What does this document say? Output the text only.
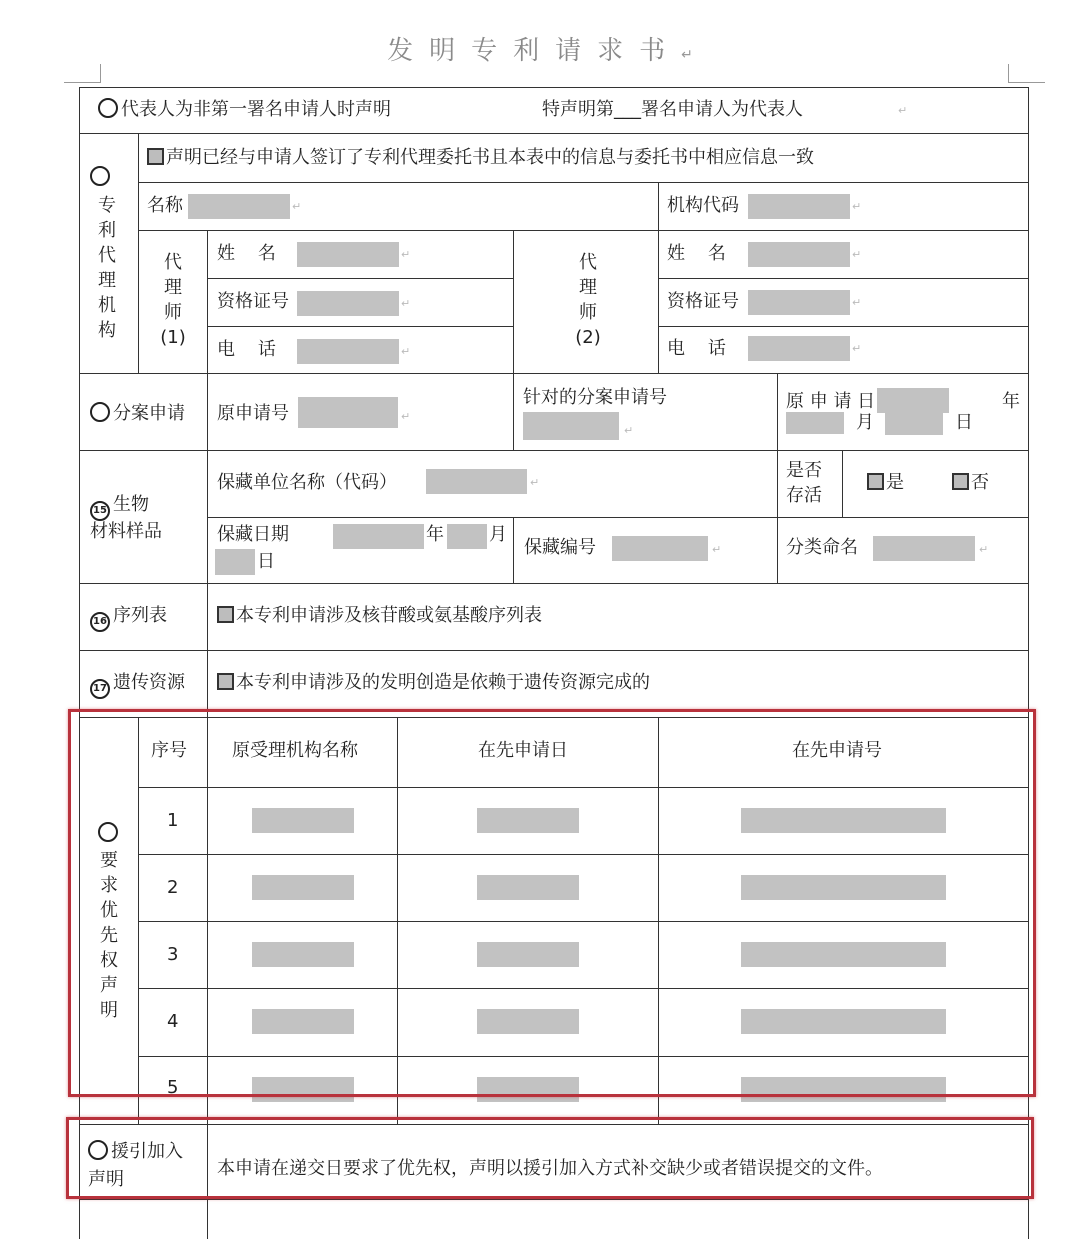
发明专利请求书↵
代表人为非第一署名申请人时声明	特声明第___署名申请人为代表人	↵
专
利
代
理
机
构
声明已经与申请人签订了专利代理委托书且本表中的信息与委托书中相应信息一致
名称	↵	机构代码	↵
代
理
师
(1)
姓    名	↵
资格证号	↵
电    话	↵
代
理
师
(2)
姓    名	↵
资格证号	↵
电    话	↵
分案申请 原申请号	↵
针对的分案申请号
↵
原 申 请 日	年
月	日
15 生物
材料样品
保藏单位名称（代码）	↵
是否
存活
是	否
保藏日期	年	月
日
保藏编号	↵	分类命名	↵
16 序列表	本专利申请涉及核苷酸或氨基酸序列表
17 遗传资源	本专利申请涉及的发明创造是依赖于遗传资源完成的
要
求
优
先
权
声
明
序号	原受理机构名称	在先申请日	在先申请号
1
2
3
4
5
援引加入
声明
本申请在递交日要求了优先权，声明以援引加入方式补交缺少或者错误提交的文件。
